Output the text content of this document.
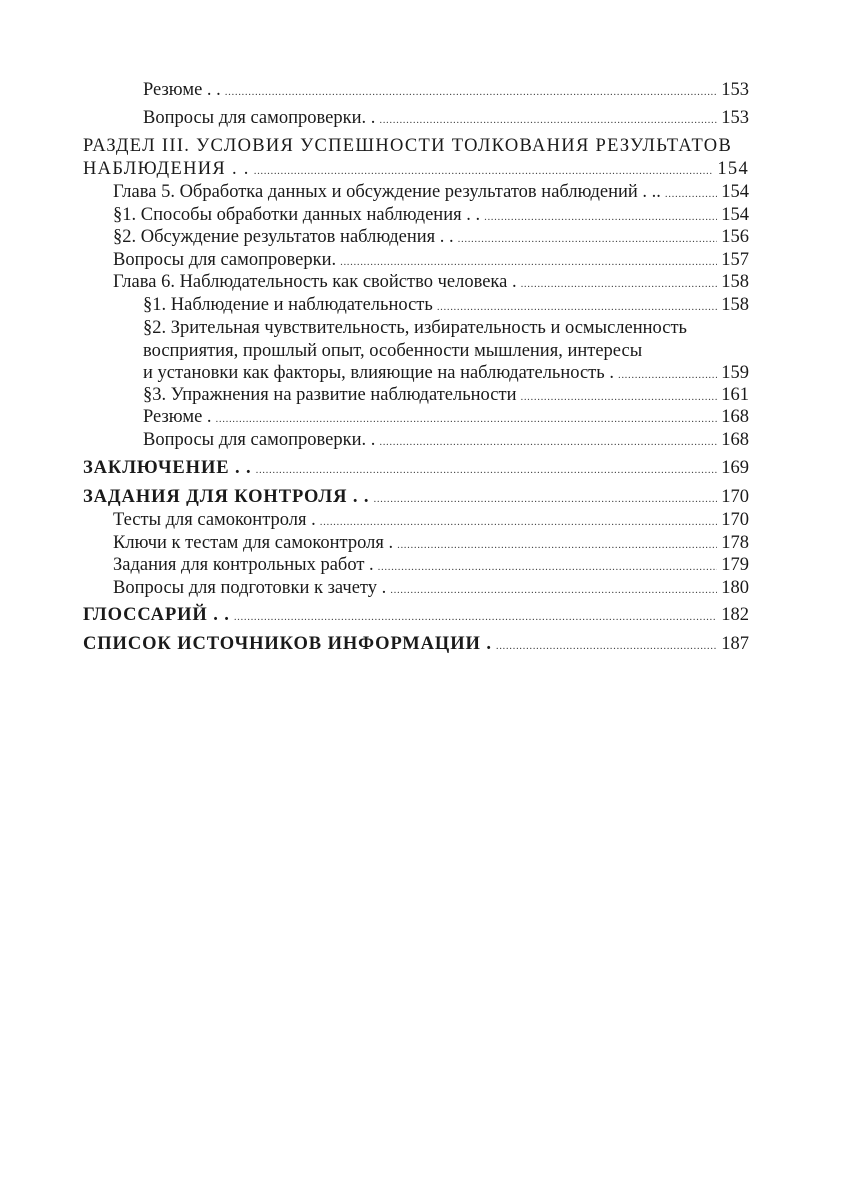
Резюме . . .....	153
Вопросы для самопроверки. . .....	153
РАЗДЕЛ III. УСЛОВИЯ УСПЕШНОСТИ ТОЛКОВАНИЯ РЕЗУЛЬТАТОВ
НАБЛЮДЕНИЯ . . .....	154
Глава 5. Обработка данных и обсуждение результатов наблюдений . .. .....	154
§1. Способы обработки данных наблюдения . . .....	154
§2. Обсуждение результатов наблюдения . . .....	156
Вопросы для самопроверки. .....	157
Глава 6. Наблюдательность как свойство человека . .....	158
§1. Наблюдение и наблюдательность .....	158
§2. Зрительная чувствительность, избирательность и осмысленность
восприятия, прошлый опыт, особенности мышления, интересы
и установки как факторы, влияющие на наблюдательность . .....	159
§3. Упражнения на развитие наблюдательности .....	161
Резюме . .....	168
Вопросы для самопроверки. . .....	168
ЗАКЛЮЧЕНИЕ . . .....	169
ЗАДАНИЯ ДЛЯ КОНТРОЛЯ . . .....	170
Тесты для самоконтроля . .....	170
Ключи к тестам для самоконтроля . .....	178
Задания для контрольных работ . .....	179
Вопросы для подготовки к зачету . .....	180
ГЛОССАРИЙ . . .....	182
СПИСОК ИСТОЧНИКОВ ИНФОРМАЦИИ . .....	187
